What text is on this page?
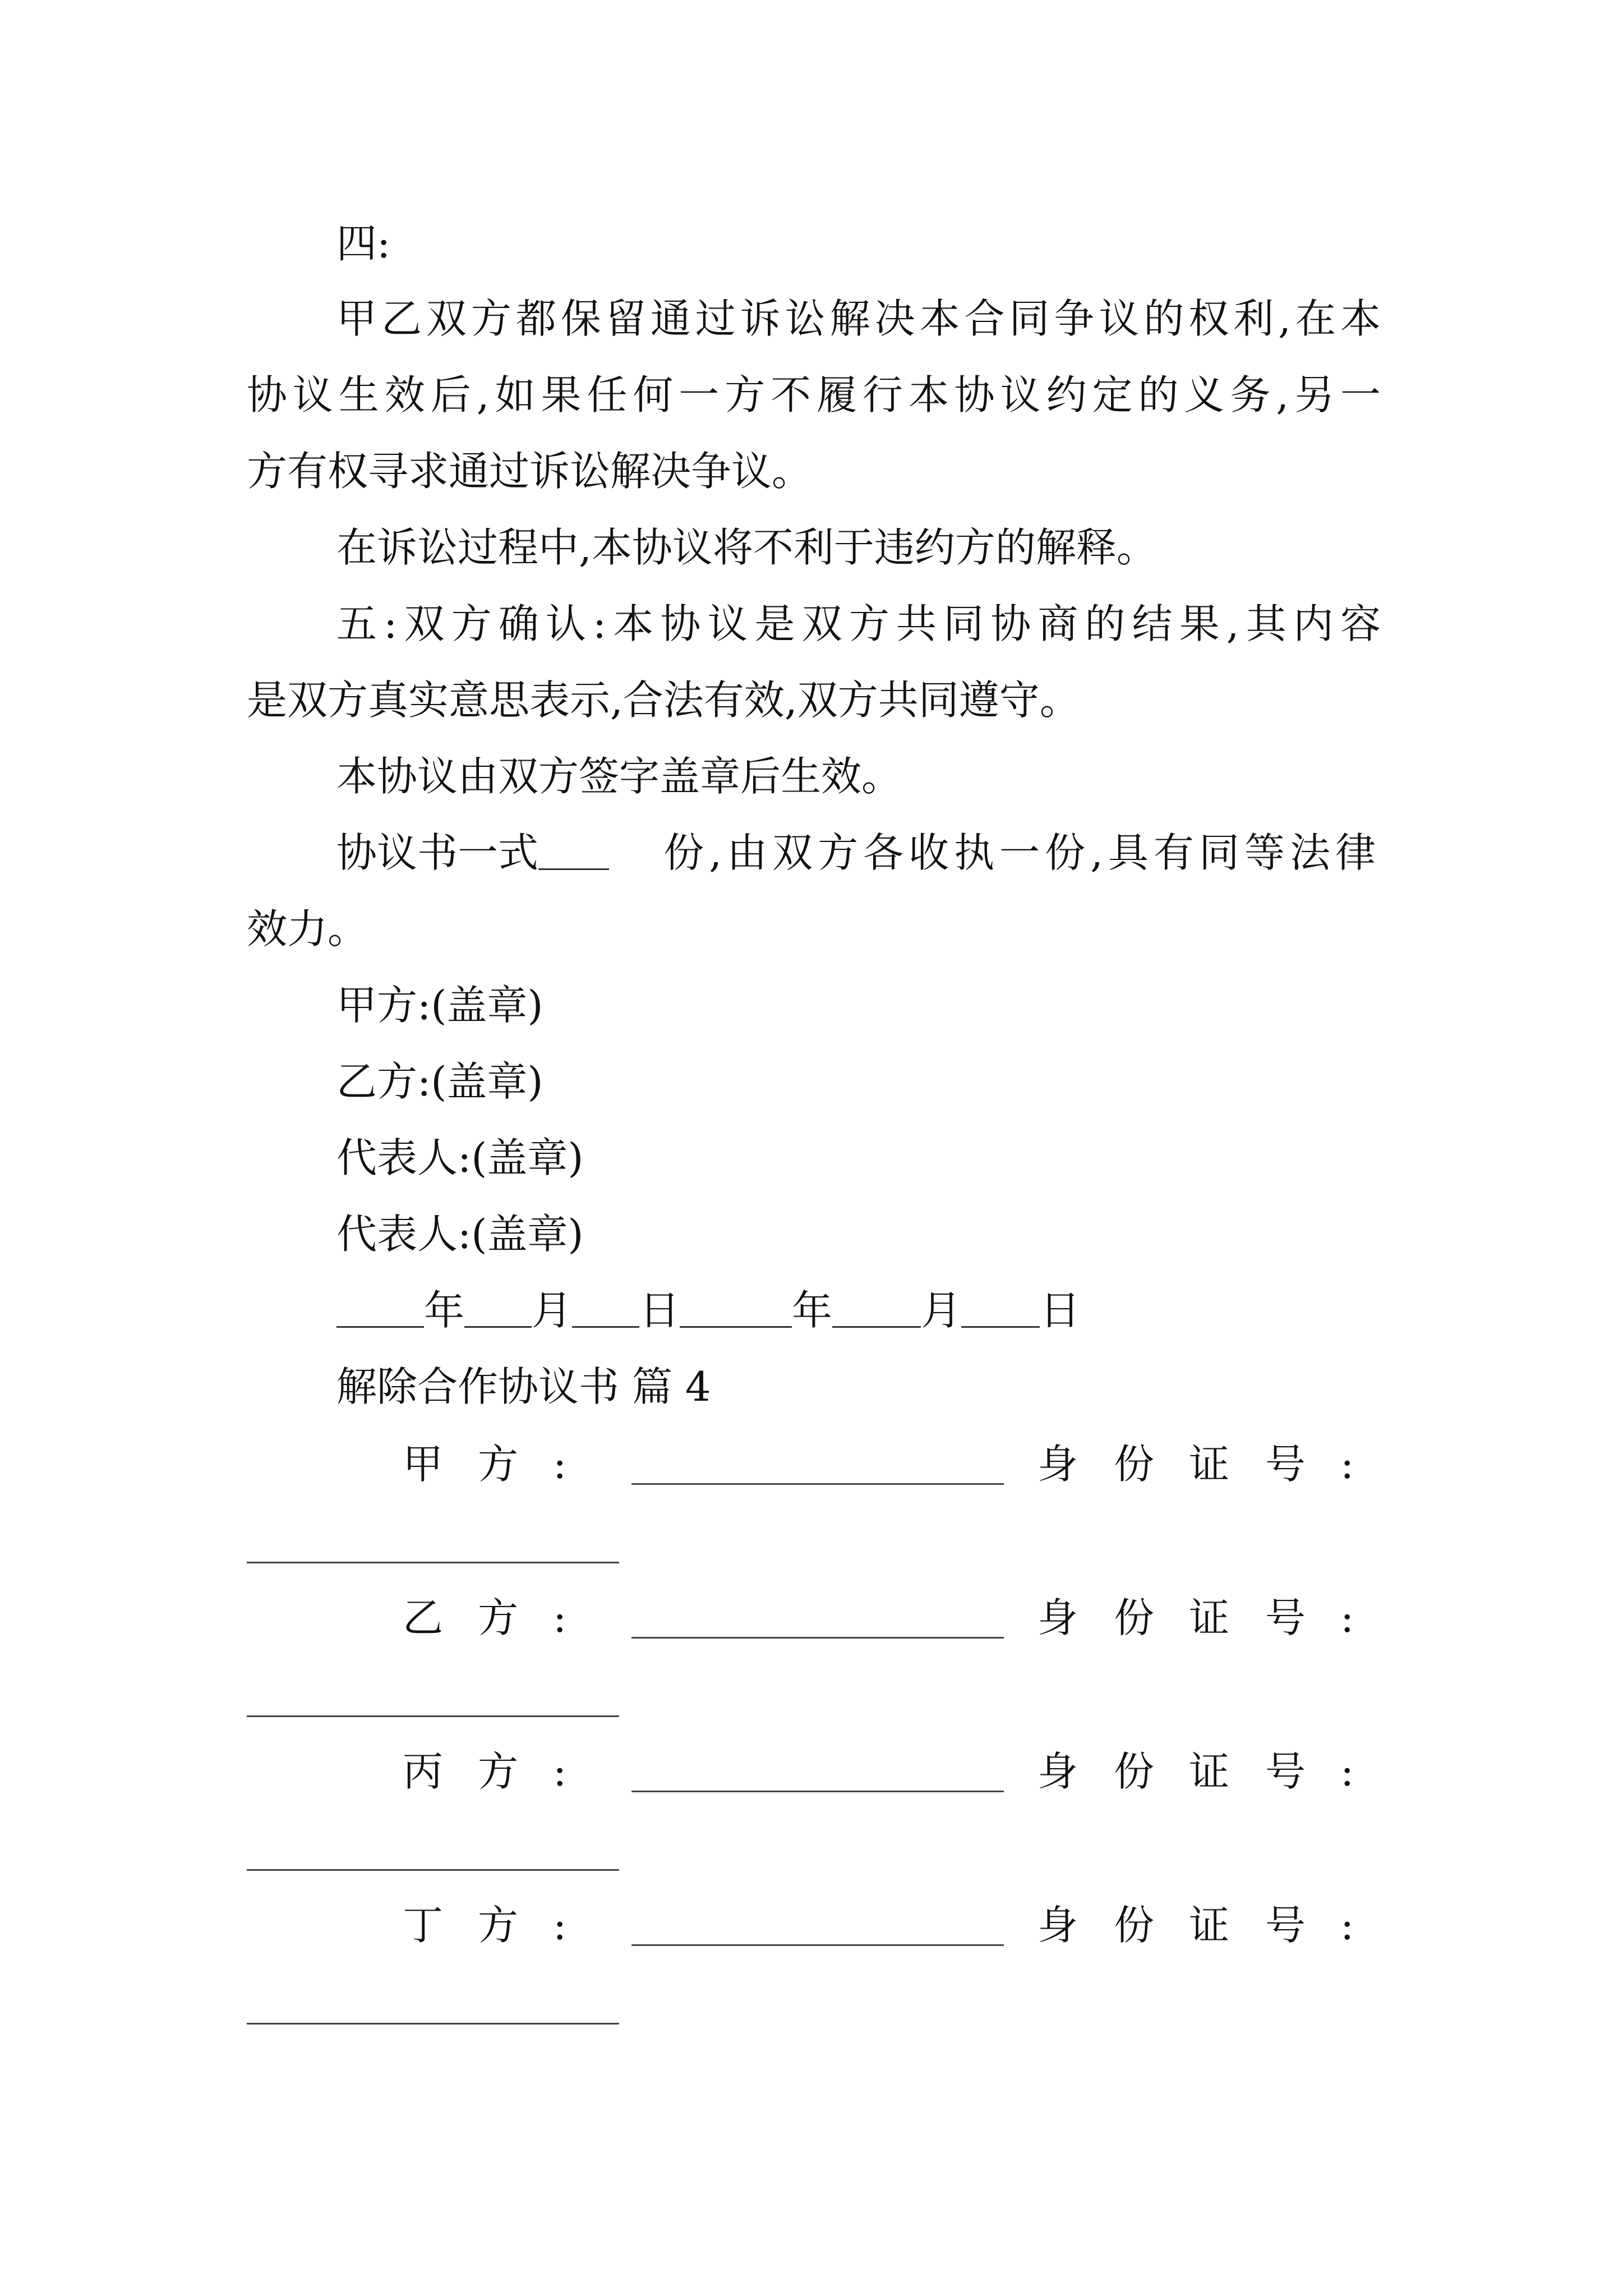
四:
甲乙双方都保留通过诉讼解决本合同争议的权利,在本
协议生效后,如果任何一方不履行本协议约定的义务,另一
方有权寻求通过诉讼解决争议。
在诉讼过程中,本协议将不利于违约方的解释。
五:双方确认:本协议是双方共同协商的结果,其内容
是双方真实意思表示,合法有效,双方共同遵守。
本协议由双方签字盖章后生效。
协议书一式	份,由双方各收执一份,具有同等法律
效力。
甲方:(盖章)
乙方:(盖章)
代表人:(盖章)
代表人:(盖章)
年 月 日	年 月 日
解除合作协议书 篇 4
甲 方 :	身 份 证 号 :
乙 方 :	身 份 证 号 :
丙 方 :	身 份 证 号 :
丁 方 :	身 份 证 号 :
